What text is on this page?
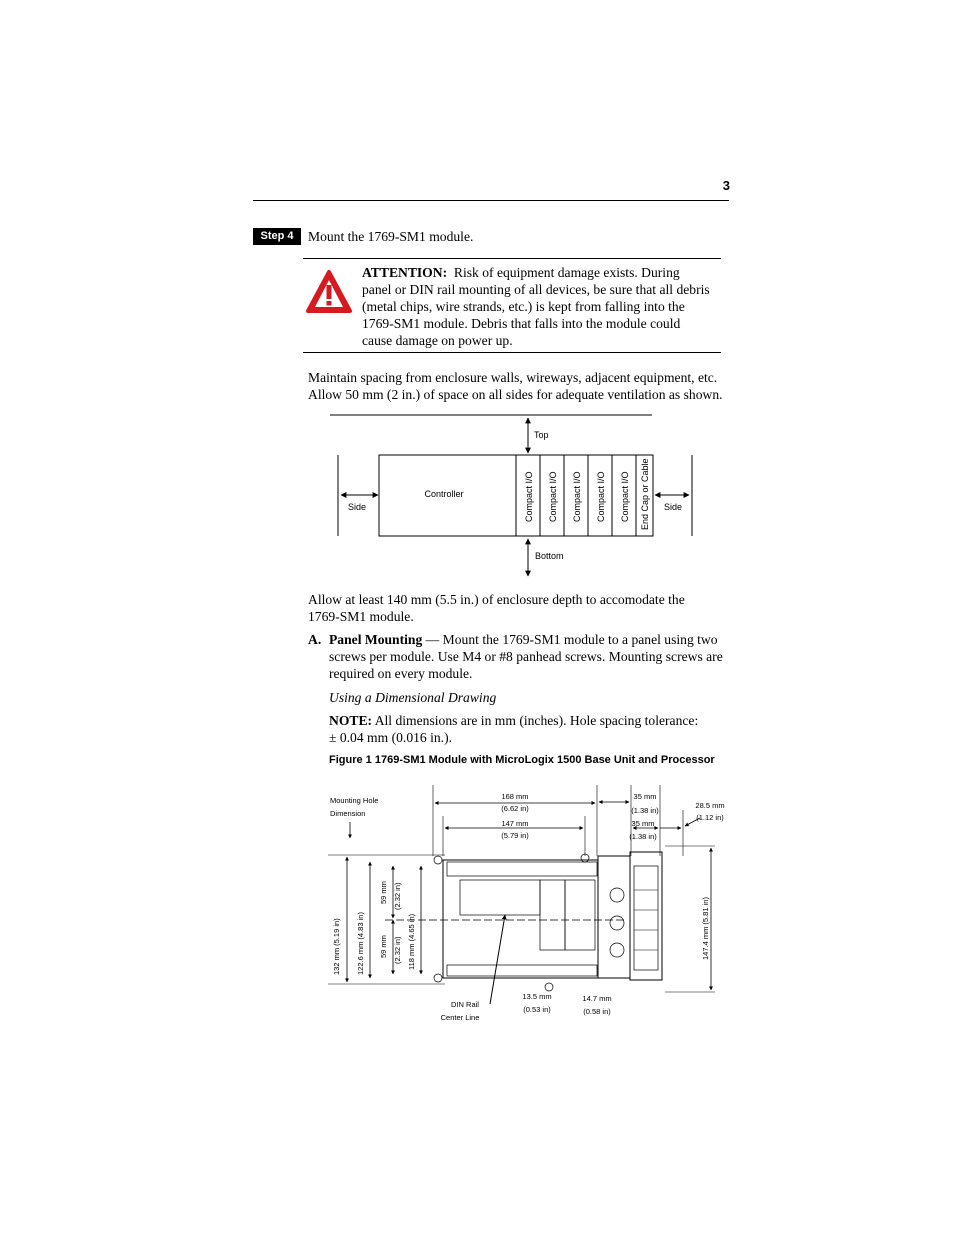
3
Step 4	Mount the 1769-SM1 module.
ATTENTION: Risk of equipment damage exists. During
panel or DIN rail mounting of all devices, be sure that all debris
(metal chips, wire strands, etc.) is kept from falling into the
1769-SM1 module. Debris that falls into the module could
cause damage on power up.
Maintain spacing from enclosure walls, wireways, adjacent equipment, etc.
Allow 50 mm (2 in.) of space on all sides for adequate ventilation as shown.
Top
Side	Side
Controller	Compact I/O Compact I/O Compact I/O Compact I/O Compact I/O End Cap or Cable
Bottom
Allow at least 140 mm (5.5 in.) of enclosure depth to accomodate the
1769-SM1 module.
A. Panel Mounting — Mount the 1769-SM1 module to a panel using two
screws per module. Use M4 or #8 panhead screws. Mounting screws are
required on every module.
Using a Dimensional Drawing
NOTE: All dimensions are in mm (inches). Hole spacing tolerance:
± 0.04 mm (0.016 in.).
Figure 1 1769-SM1 Module with MicroLogix 1500 Base Unit and Processor
Mounting Hole
Dimension
168 mm
(6.62 in)
147 mm
(5.79 in)
35 mm
(1.38 in)
35 mm
(1.38 in)
28.5 mm
(1.12 in)
132 mm (5.19 in) 122.6 mm (4.83 in)
59 mm (2.32 in)
59 mm (2.32 in) 118 mm (4.65 in)	147.4 mm (5.81 in)
DIN Rail
Center Line
13.5 mm
(0.53 in)
14.7 mm
(0.58 in)
